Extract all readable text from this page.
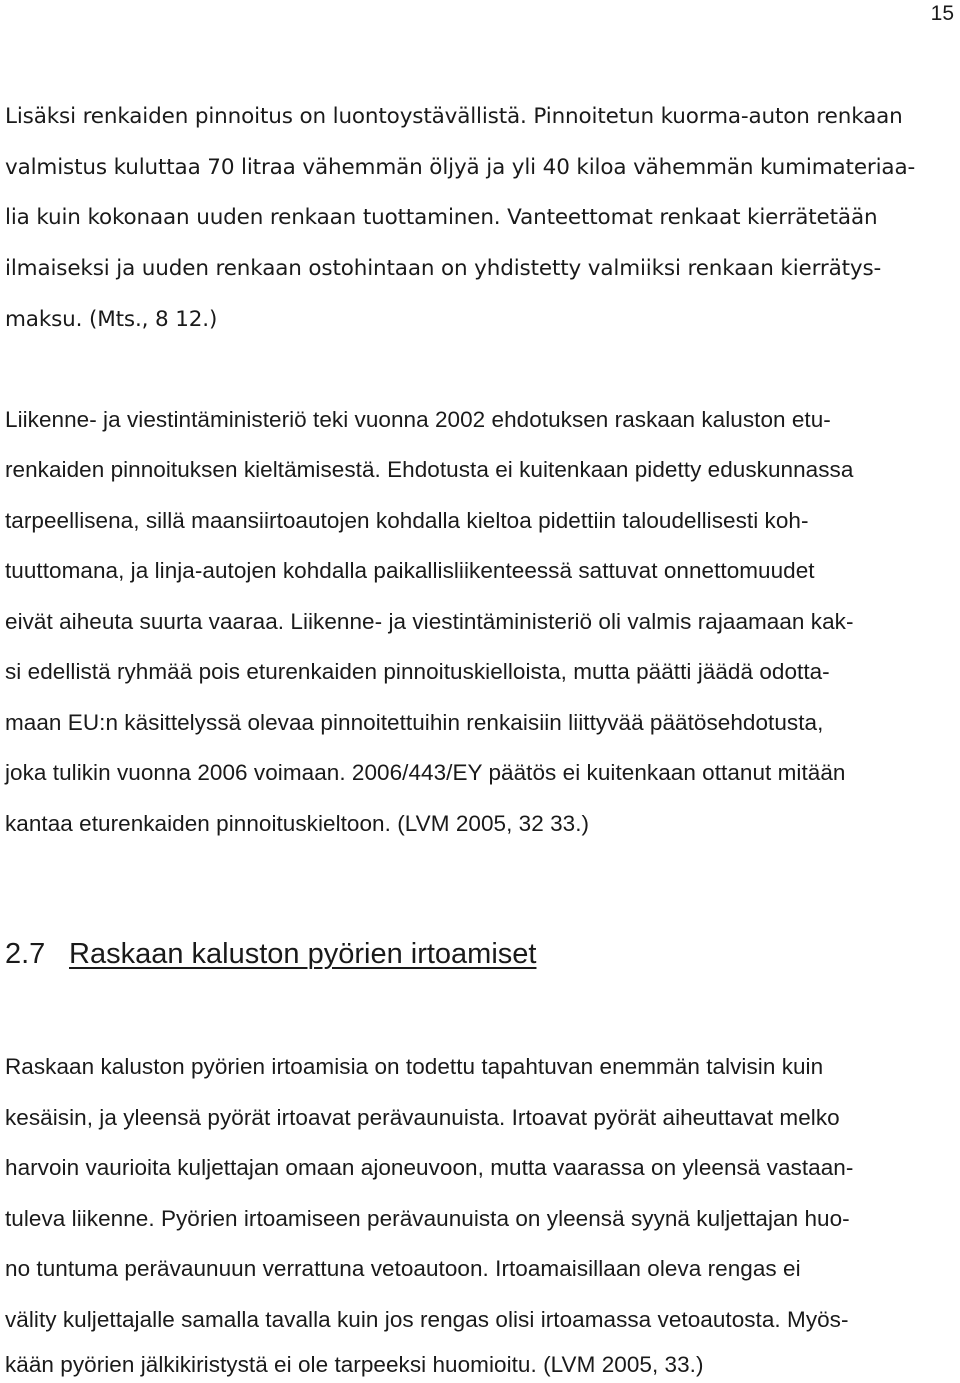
15
Lisäksi renkaiden pinnoitus on luontoystävällistä. Pinnoitetun kuorma-auton renkaan
valmistus kuluttaa 70 litraa vähemmän öljyä ja yli 40 kiloa vähemmän kumimateriaa-
lia kuin kokonaan uuden renkaan tuottaminen. Vanteettomat renkaat kierrätetään
ilmaiseksi ja uuden renkaan ostohintaan on yhdistetty valmiiksi renkaan kierrätys-
maksu. (Mts., 8 12.)
Liikenne- ja viestintäministeriö teki vuonna 2002 ehdotuksen raskaan kaluston etu-
renkaiden pinnoituksen kieltämisestä. Ehdotusta ei kuitenkaan pidetty eduskunnassa
tarpeellisena, sillä maansiirtoautojen kohdalla kieltoa pidettiin taloudellisesti koh-
tuuttomana, ja linja-autojen kohdalla paikallisliikenteessä sattuvat onnettomuudet
eivät aiheuta suurta vaaraa. Liikenne- ja viestintäministeriö oli valmis rajaamaan kak-
si edellistä ryhmää pois eturenkaiden pinnoituskielloista, mutta päätti jäädä odotta-
maan EU:n käsittelyssä olevaa pinnoitettuihin renkaisiin liittyvää päätösehdotusta,
joka tulikin vuonna 2006 voimaan. 2006/443/EY päätös ei kuitenkaan ottanut mitään
kantaa eturenkaiden pinnoituskieltoon. (LVM 2005, 32 33.)
2.7 Raskaan kaluston pyörien irtoamiset
Raskaan kaluston pyörien irtoamisia on todettu tapahtuvan enemmän talvisin kuin
kesäisin, ja yleensä pyörät irtoavat perävaunuista. Irtoavat pyörät aiheuttavat melko
harvoin vaurioita kuljettajan omaan ajoneuvoon, mutta vaarassa on yleensä vastaan-
tuleva liikenne. Pyörien irtoamiseen perävaunuista on yleensä syynä kuljettajan huo-
no tuntuma perävaunuun verrattuna vetoautoon. Irtoamaisillaan oleva rengas ei
välity kuljettajalle samalla tavalla kuin jos rengas olisi irtoamassa vetoautosta. Myös-
kään pyörien jälkikiristystä ei ole tarpeeksi huomioitu. (LVM 2005, 33.)
